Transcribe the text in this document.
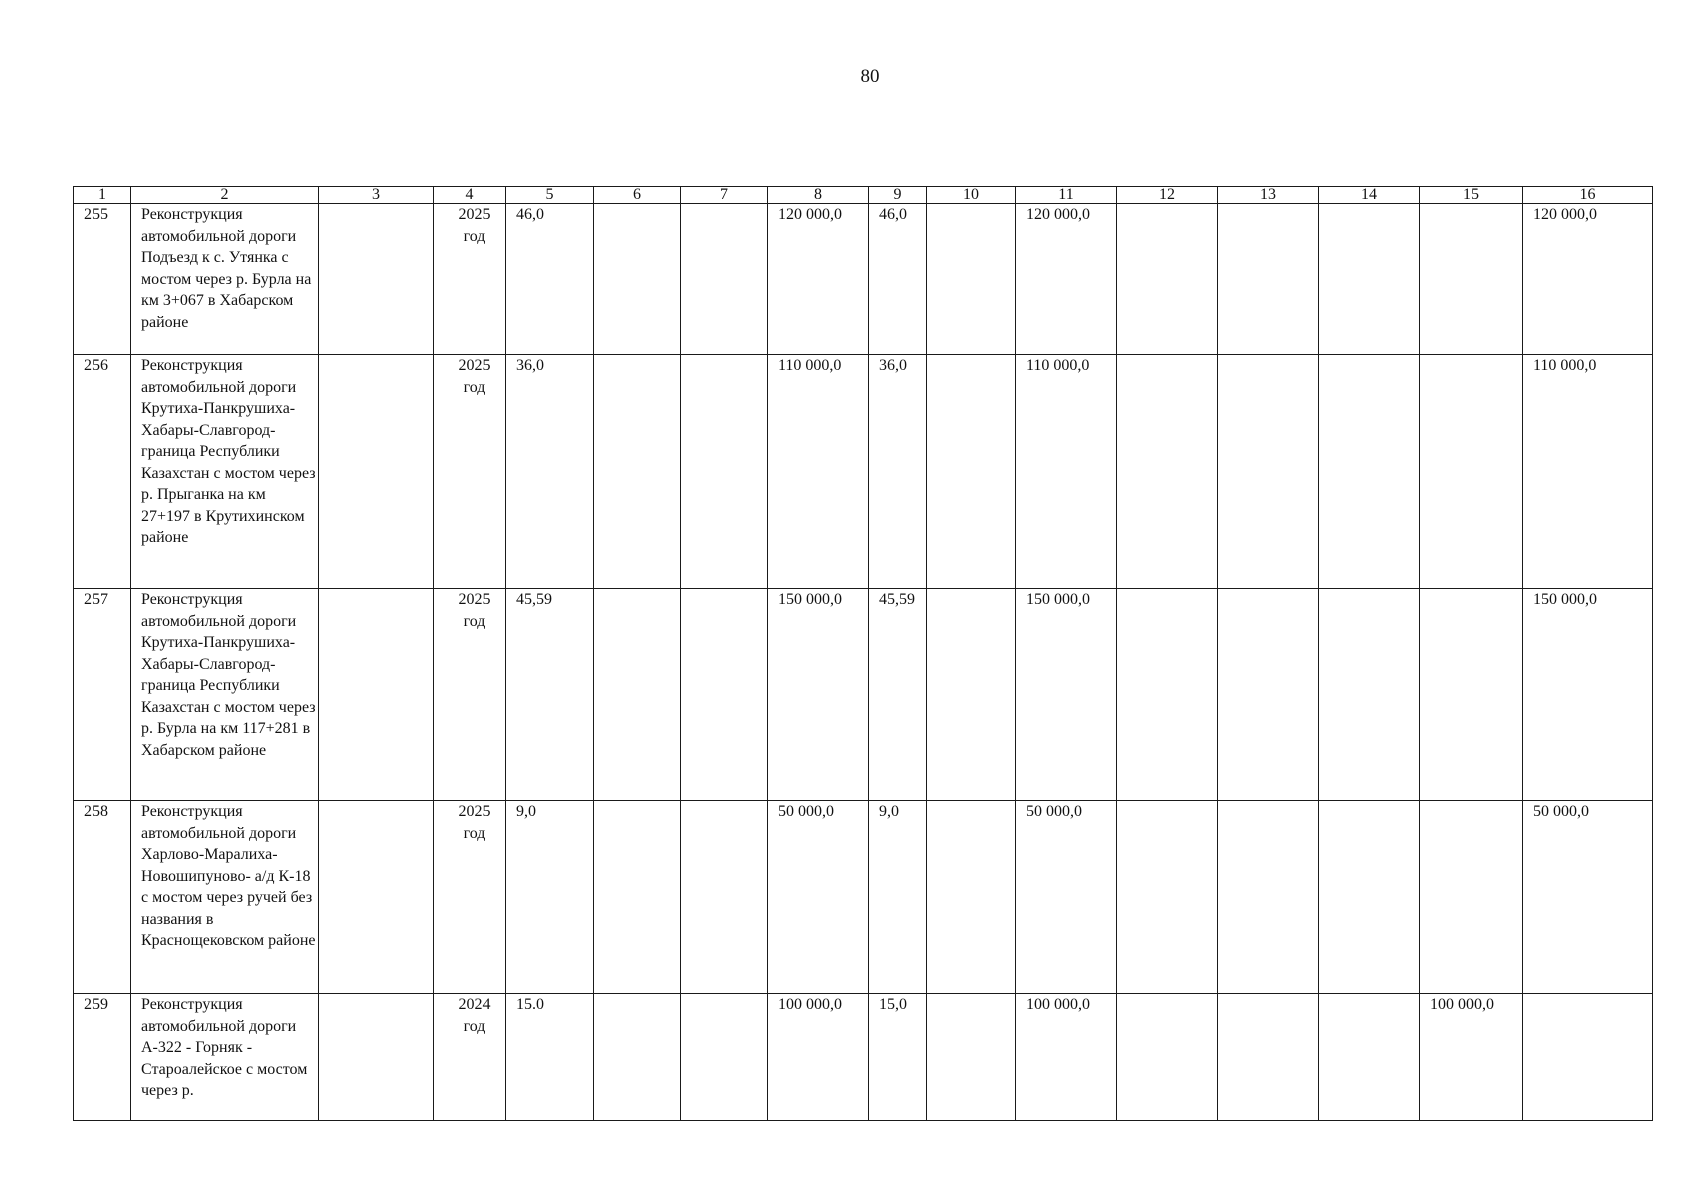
80
1	2	3	4	5	6	7	8	9	10	11	12	13	14	15	16
255	Реконструкция автомобильной дороги Подъезд к с. Утянка с мостом через р. Бурла на км 3+067 в Хабарском районе		2025
год	46,0			120 000,0	46,0		120 000,0					120 000,0
256	Реконструкция автомобильной дороги Крутиха-Панкрушиха-Хабары-Славгород-граница Республики Казахстан с мостом через р. Прыганка на км 27+197 в Крутихинском районе		2025
год	36,0			110 000,0	36,0		110 000,0					110 000,0
257	Реконструкция автомобильной дороги Крутиха-Панкрушиха-Хабары-Славгород-граница Республики Казахстан с мостом через р. Бурла на км 117+281 в Хабарском районе		2025
год	45,59			150 000,0	45,59		150 000,0					150 000,0
258	Реконструкция автомобильной дороги Харлово-Маралиха-Новошипуново- а/д К-18 с мостом через ручей без названия в Краснощековском районе		2025
год	9,0			50 000,0	9,0		50 000,0					50 000,0
259	Реконструкция автомобильной дороги А-322 - Горняк - Староалейское с мостом через р.		2024
год	15.0			100 000,0	15,0		100 000,0				100 000,0	
